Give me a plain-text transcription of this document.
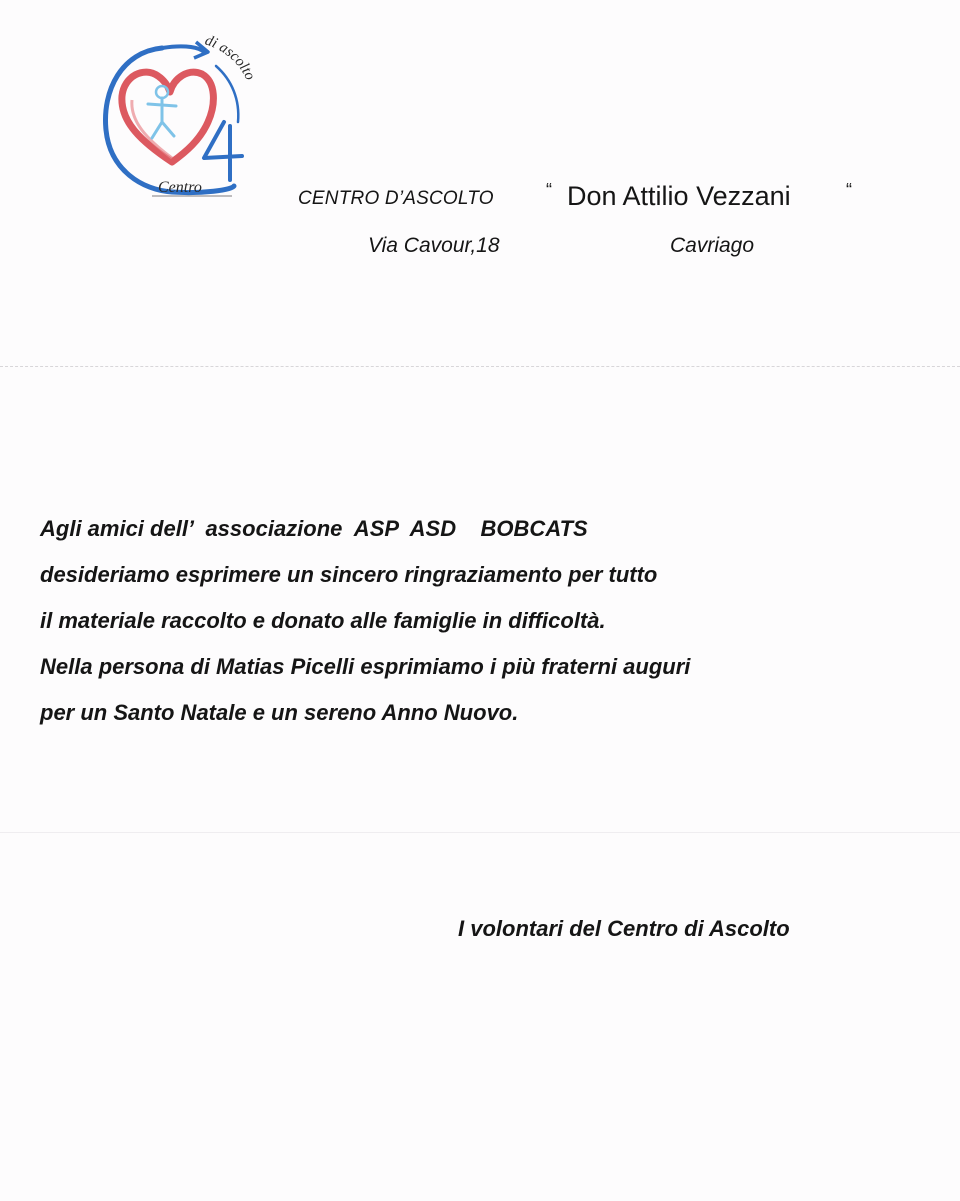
di ascolto
Centro
CENTRO D’ASCOLTO	“ Don Attilio Vezzani	“
Via Cavour,18	Cavriago
Agli amici dell’  associazione  ASP  ASD    BOBCATS
desideriamo esprimere un sincero ringraziamento per tutto
il materiale raccolto e donato alle famiglie in difficoltà.
Nella persona di Matias Picelli esprimiamo i più fraterni auguri
per un Santo Natale e un sereno Anno Nuovo.
I volontari del Centro di Ascolto
